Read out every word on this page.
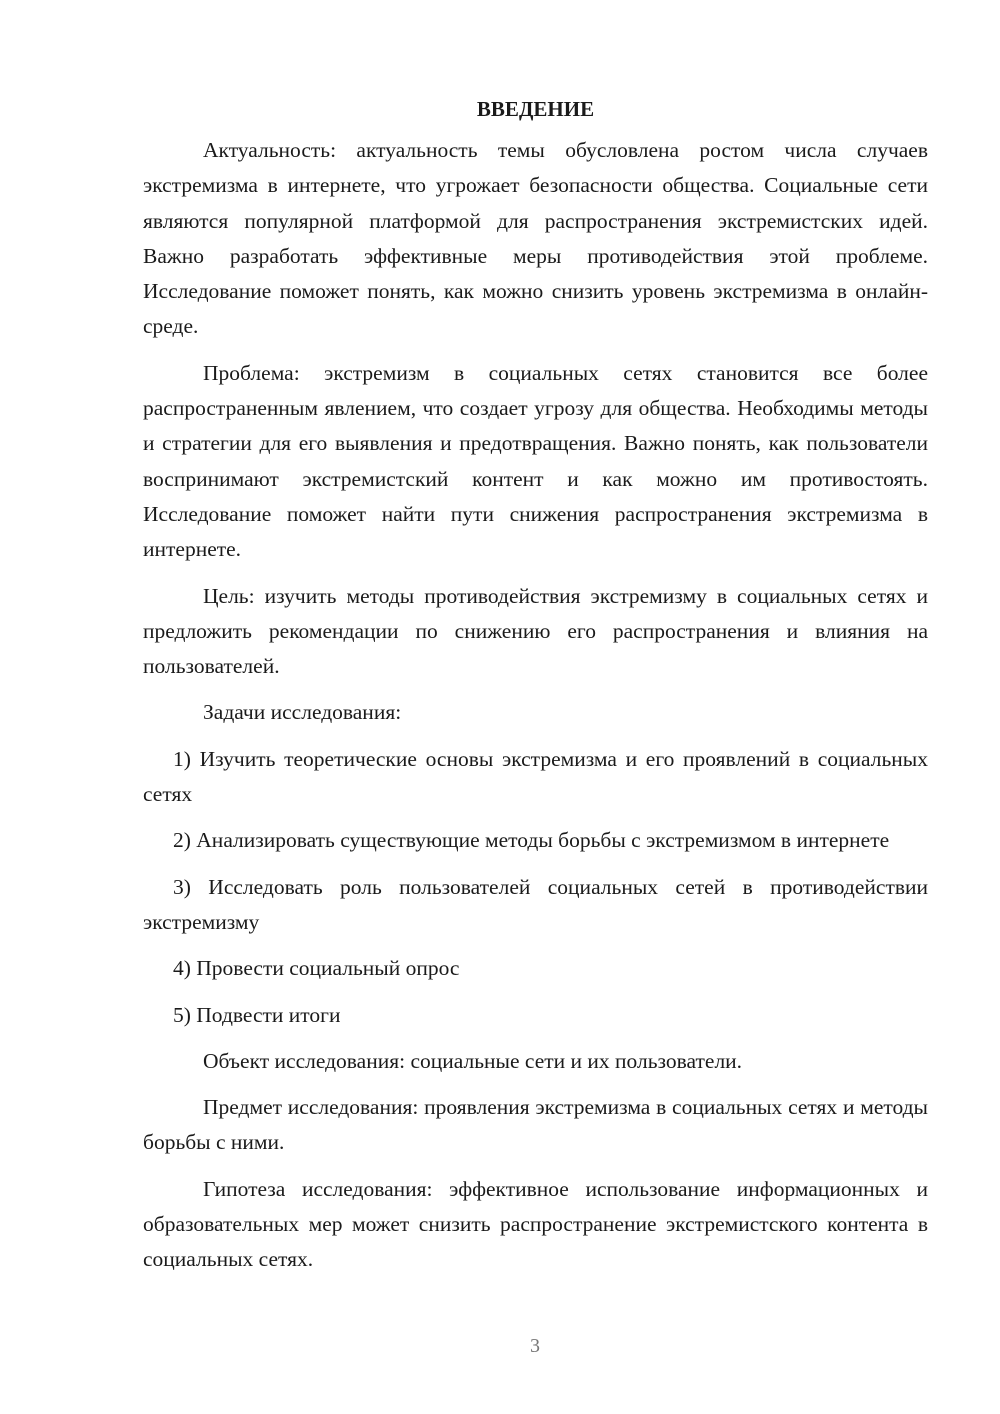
ВВЕДЕНИЕ

Актуальность: актуальность темы обусловлена ростом числа случаев экстремизма в интернете, что угрожает безопасности общества. Социальные сети являются популярной платформой для распространения экстремистских идей. Важно разработать эффективные меры противодействия этой проблеме. Исследование поможет понять, как можно снизить уровень экстремизма в онлайн-среде.

Проблема: экстремизм в социальных сетях становится все более распространенным явлением, что создает угрозу для общества. Необходимы методы и стратегии для его выявления и предотвращения. Важно понять, как пользователи воспринимают экстремистский контент и как можно им противостоять. Исследование поможет найти пути снижения распространения экстремизма в интернете.

Цель: изучить методы противодействия экстремизму в социальных сетях и предложить рекомендации по снижению его распространения и влияния на пользователей.

Задачи исследования:

1) Изучить теоретические основы экстремизма и его проявлений в социальных сетях

2) Анализировать существующие методы борьбы с экстремизмом в интернете

3) Исследовать роль пользователей социальных сетей в противодействии экстремизму

4) Провести социальный опрос

5) Подвести итоги

Объект исследования: социальные сети и их пользователи.

Предмет исследования: проявления экстремизма в социальных сетях и методы борьбы с ними.

Гипотеза исследования: эффективное использование информационных и образовательных мер может снизить распространение экстремистского контента в социальных сетях.

3
